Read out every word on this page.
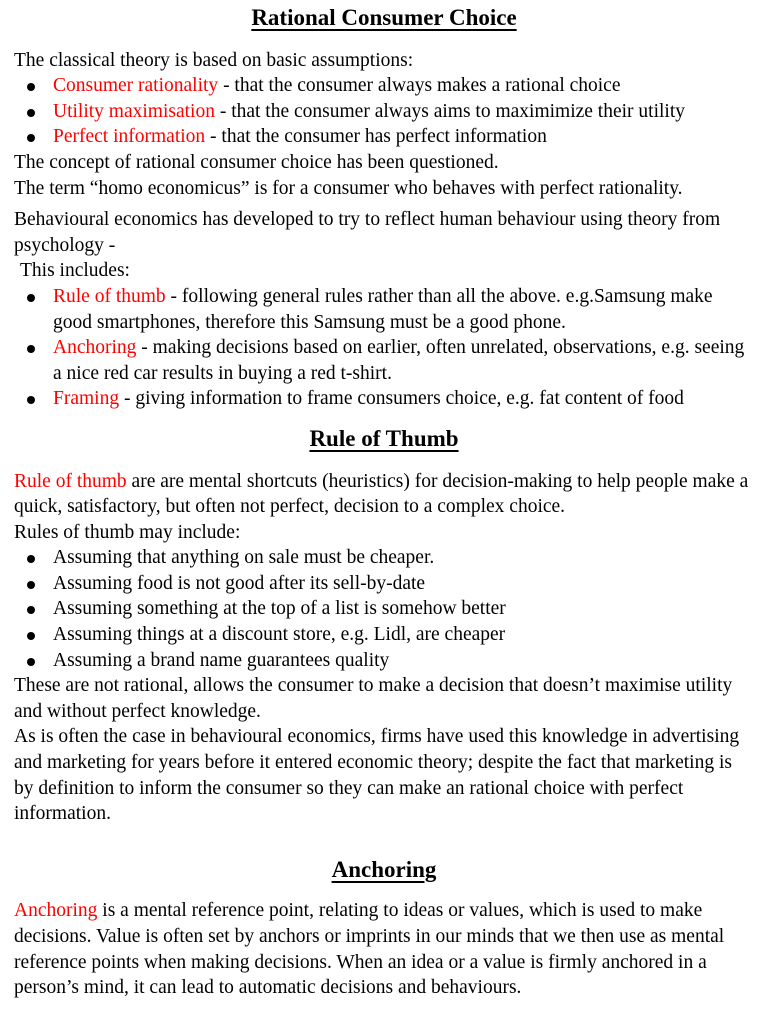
Rational Consumer Choice

The classical theory is based on basic assumptions:

Consumer rationality - that the consumer always makes a rational choice
Utility maximisation - that the consumer always aims to maximimize their utility
Perfect information - that the consumer has perfect information

The concept of rational consumer choice has been questioned.

The term “homo economicus” is for a consumer who behaves with perfect rationality.

Behavioural economics has developed to try to reflect human behaviour using theory from psychology -

This includes:

Rule of thumb - following general rules rather than all the above. e.g.Samsung make good smartphones, therefore this Samsung must be a good phone.
Anchoring - making decisions based on earlier, often unrelated, observations, e.g. seeing a nice red car results in buying a red t-shirt.
Framing - giving information to frame consumers choice, e.g. fat content of food
Rule of Thumb

Rule of thumb are are mental shortcuts (heuristics) for decision-making to help people make a quick, satisfactory, but often not perfect, decision to a complex choice.

Rules of thumb may include:

Assuming that anything on sale must be cheaper.
Assuming food is not good after its sell-by-date
Assuming something at the top of a list is somehow better
Assuming things at a discount store, e.g. Lidl, are cheaper
Assuming a brand name guarantees quality

These are not rational, allows the consumer to make a decision that doesn’t maximise utility and without perfect knowledge.

As is often the case in behavioural economics, firms have used this knowledge in advertising and marketing for years before it entered economic theory; despite the fact that marketing is by definition to inform the consumer so they can make an rational choice with perfect information.

Anchoring

Anchoring is a mental reference point, relating to ideas or values, which is used to make decisions. Value is often set by anchors or imprints in our minds that we then use as mental reference points when making decisions. When an idea or a value is firmly anchored in a person’s mind, it can lead to automatic decisions and behaviours.
